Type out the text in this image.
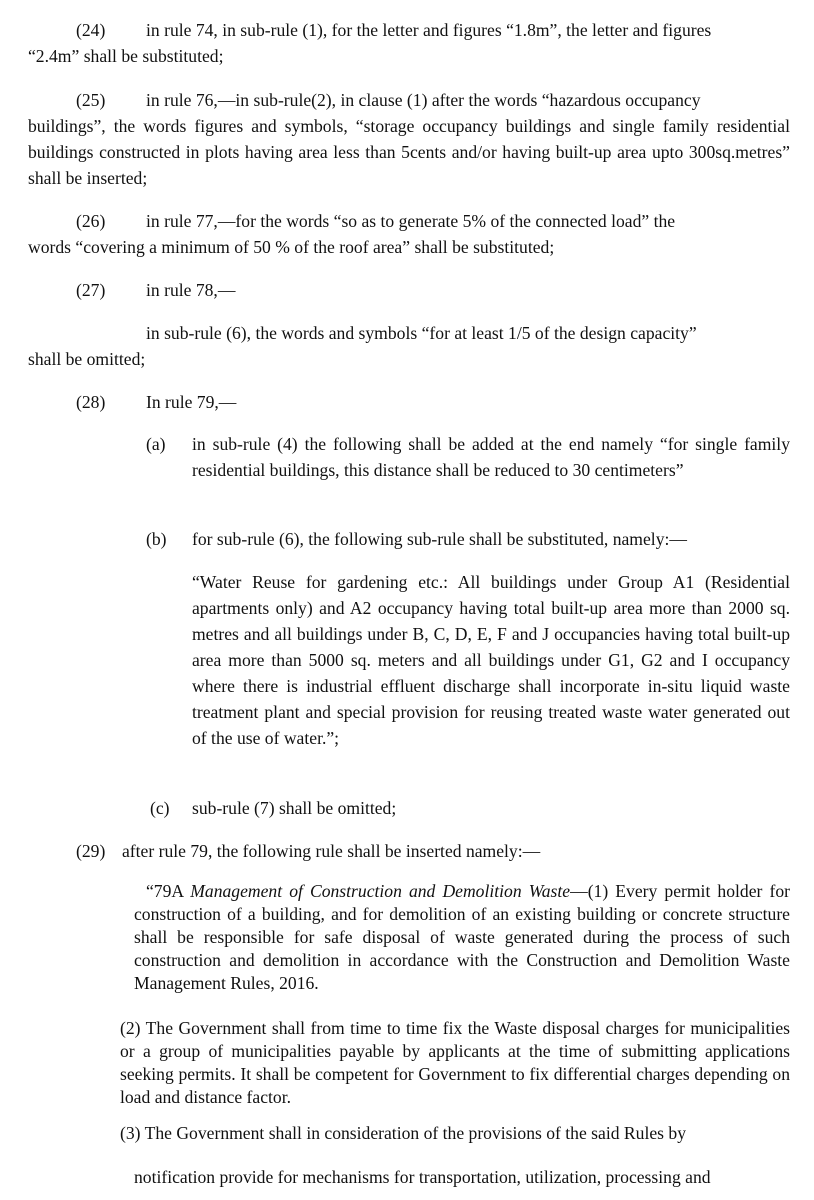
(24) in rule 74, in sub-rule (1), for the letter and figures “1.8m”, the letter and figures

“2.4m” shall be substituted;

(25) in rule 76,—in sub-rule(2), in clause (1) after the words “hazardous occupancy

buildings”, the words figures and symbols, “storage occupancy buildings and single family residential buildings constructed in plots having area less than 5cents and/or having built-up area upto 300sq.metres” shall be inserted;

(26) in rule 77,—for the words “so as to generate 5% of the connected load” the

words “covering a minimum of 50 % of the roof area” shall be substituted;

(27) in rule 78,—

in sub-rule (6), the words and symbols “for at least 1/5 of the design capacity”

shall be omitted;

(28) In rule 79,—

(a) in sub-rule (4) the following shall be added at the end namely “for single family residential buildings, this distance shall be reduced to 30 centimeters”

(b) for sub-rule (6), the following sub-rule shall be substituted, namely:—

“Water Reuse for gardening etc.: All buildings under Group A1 (Residential apartments only) and A2 occupancy having total built-up area more than 2000 sq. metres and all buildings under B, C, D, E, F and J occupancies having total built-up area more than 5000 sq. meters and all buildings under G1, G2 and I occupancy where there is industrial effluent discharge shall incorporate in-situ liquid waste treatment plant and special provision for reusing treated waste water generated out of the use of water.”;

(c) sub-rule (7) shall be omitted;

(29) after rule 79, the following rule shall be inserted namely:—

“79A Management of Construction and Demolition Waste—(1) Every permit holder for construction of a building, and for demolition of an existing building or concrete structure shall be responsible for safe disposal of waste generated during the process of such construction and demolition in accordance with the Construction and Demolition Waste Management Rules, 2016.

(2) The Government shall from time to time fix the Waste disposal charges for municipalities or a group of municipalities payable by applicants at the time of submitting applications seeking permits. It shall be competent for Government to fix differential charges depending on load and distance factor.

(3) The Government shall in consideration of the provisions of the said Rules by

notification provide for mechanisms for transportation, utilization, processing and
